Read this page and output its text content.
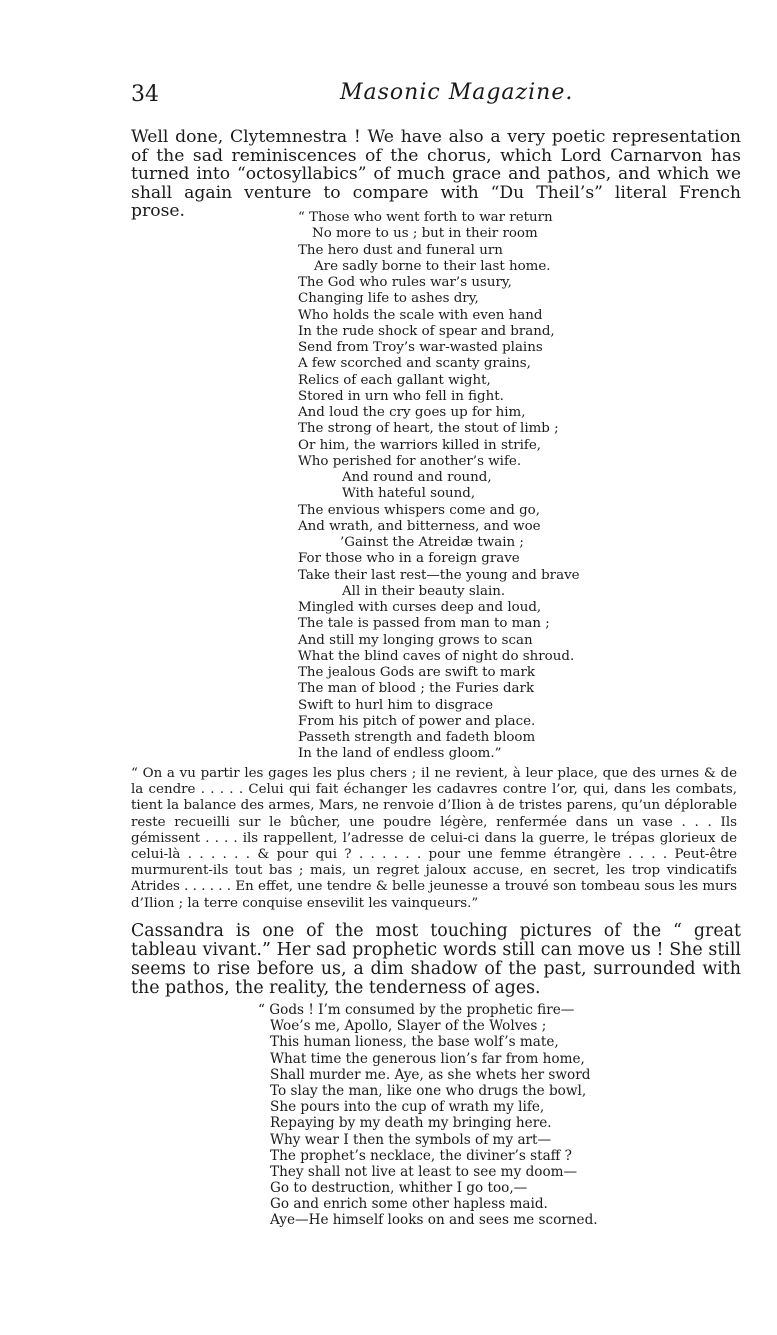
34	Masonic Magazine.
Well done, Clytemnestra ! We have also a very poetic representation of the sad reminiscences of the chorus, which Lord Carnarvon has turned into “octosyllabics” of much grace and pathos, and which we shall again venture to compare with “Du Theil’s” literal French prose.	“ Those who went forth to war return
No more to us ; but in their room
The hero dust and funeral urn
Are sadly borne to their last home.
The God who rules war’s usury,
Changing life to ashes dry,
Who holds the scale with even hand
In the rude shock of spear and brand,
Send from Troy’s war-wasted plains
A few scorched and scanty grains,
Relics of each gallant wight,
Stored in urn who fell in fight.
And loud the cry goes up for him,
The strong of heart, the stout of limb ;
Or him, the warriors killed in strife,
Who perished for another’s wife.
And round and round,
With hateful sound,
The envious whispers come and go,
And wrath, and bitterness, and woe
’Gainst the Atreidæ twain ;
For those who in a foreign grave
Take their last rest—the young and brave
All in their beauty slain.
Mingled with curses deep and loud,
The tale is passed from man to man ;
And still my longing grows to scan
What the blind caves of night do shroud.
The jealous Gods are swift to mark
The man of blood ; the Furies dark
Swift to hurl him to disgrace
From his pitch of power and place.
Passeth strength and fadeth bloom
In the land of endless gloom.”
“ On a vu partir les gages les plus chers ; il ne revient, à leur place, que des urnes & de la cendre . . . . . Celui qui fait échanger les cadavres contre l’or, qui, dans les combats, tient la balance des armes, Mars, ne renvoie d’Ilion à de tristes parens, qu’un déplorable reste recueilli sur le bûcher, une poudre légère, renfermée dans un vase . . . Ils gémissent . . . . ils rappellent, l’adresse de celui-ci dans la guerre, le trépas glorieux de celui-là . . . . . . & pour qui ? . . . . . . pour une femme étrangère . . . . Peut-être murmurent-ils tout bas ; mais, un regret jaloux accuse, en secret, les trop vindicatifs Atrides . . . . . . En effet, une tendre & belle jeunesse a trouvé son tombeau sous les murs d’Ilion ; la terre conquise ensevilit les vainqueurs.”
Cassandra is one of the most touching pictures of the “ great tableau vivant.” Her sad prophetic words still can move us ! She still seems to rise before us, a dim shadow of the past, surrounded with the pathos, the reality, the tenderness of ages.
“ Gods ! I’m consumed by the prophetic fire—
Woe’s me, Apollo, Slayer of the Wolves ;
This human lioness, the base wolf’s mate,
What time the generous lion’s far from home,
Shall murder me. Aye, as she whets her sword
To slay the man, like one who drugs the bowl,
She pours into the cup of wrath my life,
Repaying by my death my bringing here.
Why wear I then the symbols of my art—
The prophet’s necklace, the diviner’s staff ?
They shall not live at least to see my doom—
Go to destruction, whither I go too,—
Go and enrich some other hapless maid.
Aye—He himself looks on and sees me scorned.
